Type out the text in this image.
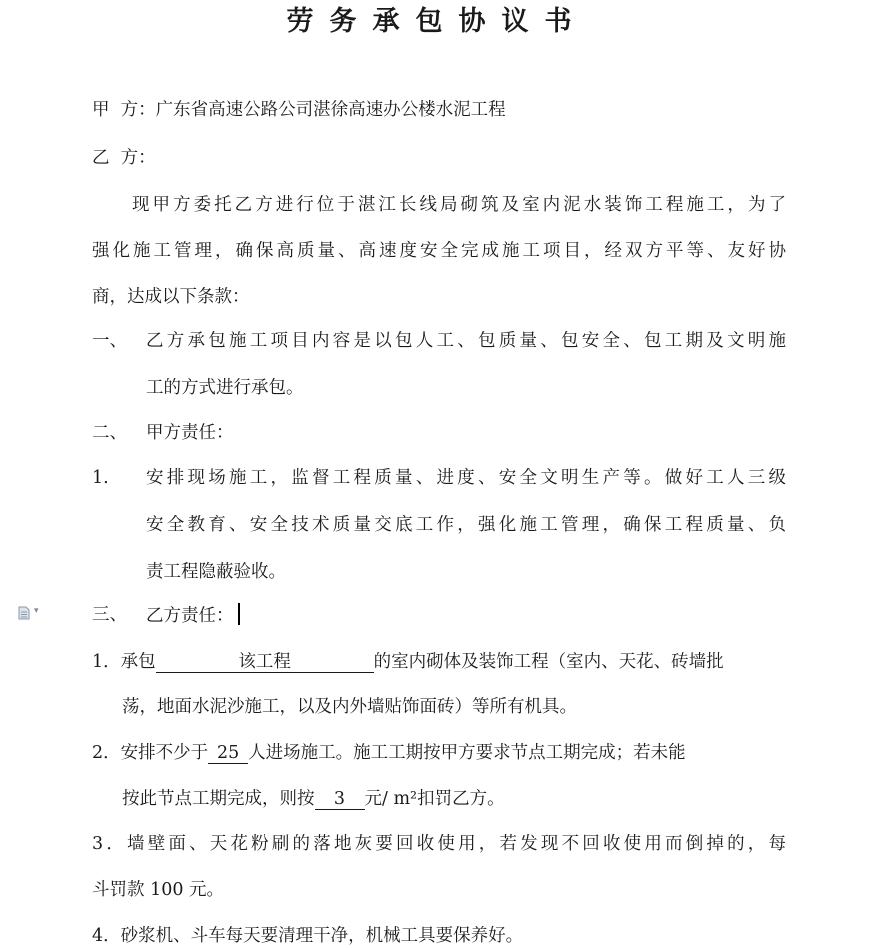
劳务承包协议书
甲  方：广东省高速公路公司湛徐高速办公楼水泥工程
乙  方：
现甲方委托乙方进行位于湛江长线局砌筑及室内泥水装饰工程施工，为了
强化施工管理，确保高质量、高速度安全完成施工项目，经双方平等、友好协
商，达成以下条款：
一、 乙方承包施工项目内容是以包人工、包质量、包安全、包工期及文明施
工的方式进行承包。
二、 甲方责任：
1.	安排现场施工，监督工程质量、进度、安全文明生产等。做好工人三级
安全教育、安全技术质量交底工作，强化施工管理，确保工程质量、负
责工程隐蔽验收。
▾	三、 乙方责任：
1．承包	该工程	的室内砌体及装饰工程（室内、天花、砖墙批
荡，地面水泥沙施工，以及内外墙贴饰面砖）等所有机具。
2．安排不少于 25 人进场施工。施工工期按甲方要求节点工期完成；若未能
按此节点工期完成，则按 3 元/ m²扣罚乙方。
3．墙壁面、天花粉刷的落地灰要回收使用，若发现不回收使用而倒掉的，每
斗罚款 100 元。
4．砂浆机、斗车每天要清理干净，机械工具要保养好。
